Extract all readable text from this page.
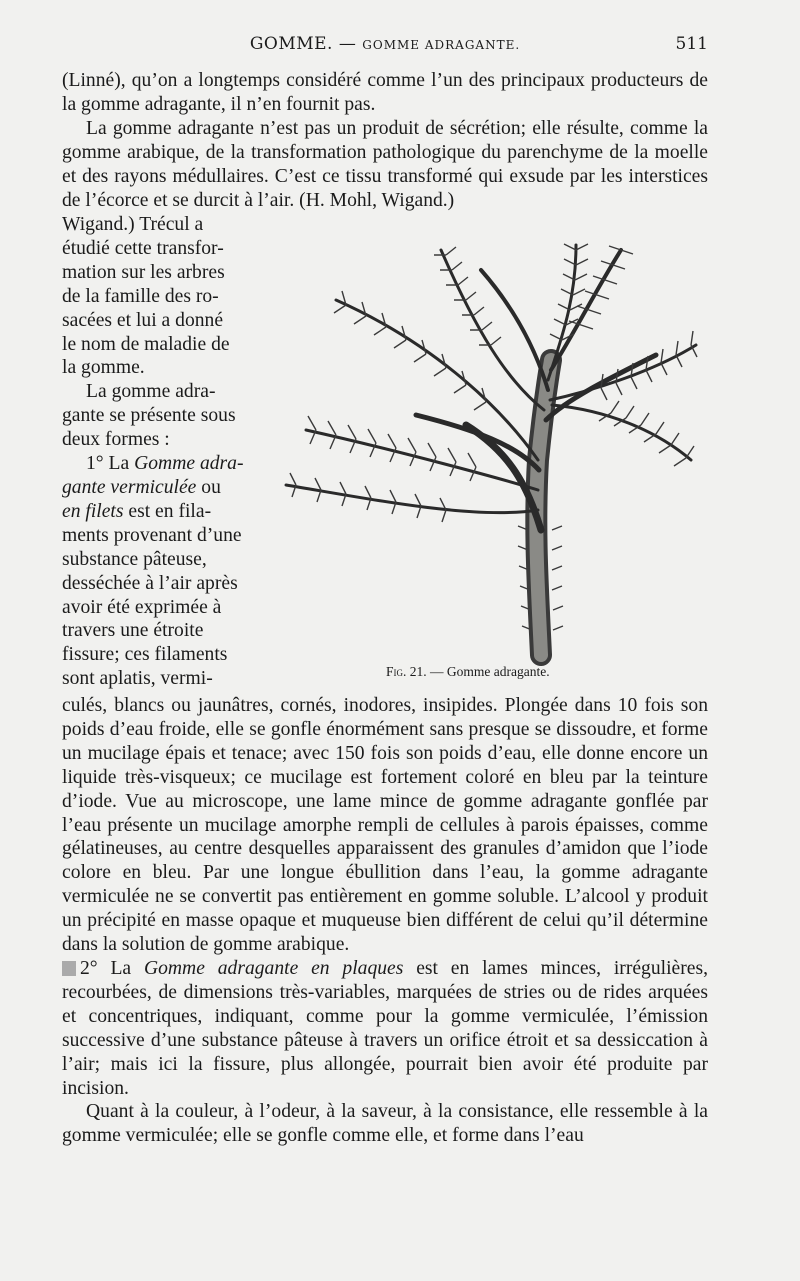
GOMME. — GOMME ADRAGANTE.	511

(Linné), qu’on a longtemps considéré comme l’un des principaux producteurs de la gomme adragante, il n’en fournit pas.

La gomme adragante n’est pas un produit de sécrétion; elle résulte, comme la gomme arabique, de la transformation pathologique du parenchyme de la moelle et des rayons médullaires. C’est ce tissu transformé qui exsude par les interstices de l’écorce et se durcit à l’air. (H. Mohl, Wigand.)

Wigand.) Trécul a

étudié cette transfor-

mation sur les arbres

de la famille des ro-

sacées et lui a donné

le nom de maladie de

la gomme.

La gomme adra-

gante se présente sous

deux formes :

1° La Gomme adra-

gante vermiculée ou

en filets est en fila-

ments provenant d’une

substance pâteuse,

desséchée à l’air après

avoir été exprimée à

travers une étroite

fissure; ces filaments

sont aplatis, vermi-	Fig. 21. — Gomme adragante.

culés, blancs ou jaunâtres, cornés, inodores, insipides. Plongée dans 10 fois son poids d’eau froide, elle se gonfle énormément sans presque se dissoudre, et forme un mucilage épais et tenace; avec 150 fois son poids d’eau, elle donne encore un liquide très-visqueux; ce mucilage est fortement coloré en bleu par la teinture d’iode. Vue au microscope, une lame mince de gomme adragante gonflée par l’eau présente un mucilage amorphe rempli de cellules à parois épaisses, comme gélatineuses, au centre desquelles apparaissent des granules d’amidon que l’iode colore en bleu. Par une longue ébullition dans l’eau, la gomme adragante vermiculée ne se convertit pas entièrement en gomme soluble. L’alcool y produit un précipité en masse opaque et muqueuse bien différent de celui qu’il détermine dans la solution de gomme arabique.

2° La Gomme adragante en plaques est en lames minces, irrégulières, recourbées, de dimensions très-variables, marquées de stries ou de rides arquées et concentriques, indiquant, comme pour la gomme vermiculée, l’émission successive d’une substance pâteuse à travers un orifice étroit et sa dessiccation à l’air; mais ici la fissure, plus allongée, pourrait bien avoir été produite par incision.

Quant à la couleur, à l’odeur, à la saveur, à la consistance, elle ressemble à la gomme vermiculée; elle se gonfle comme elle, et forme dans l’eau
